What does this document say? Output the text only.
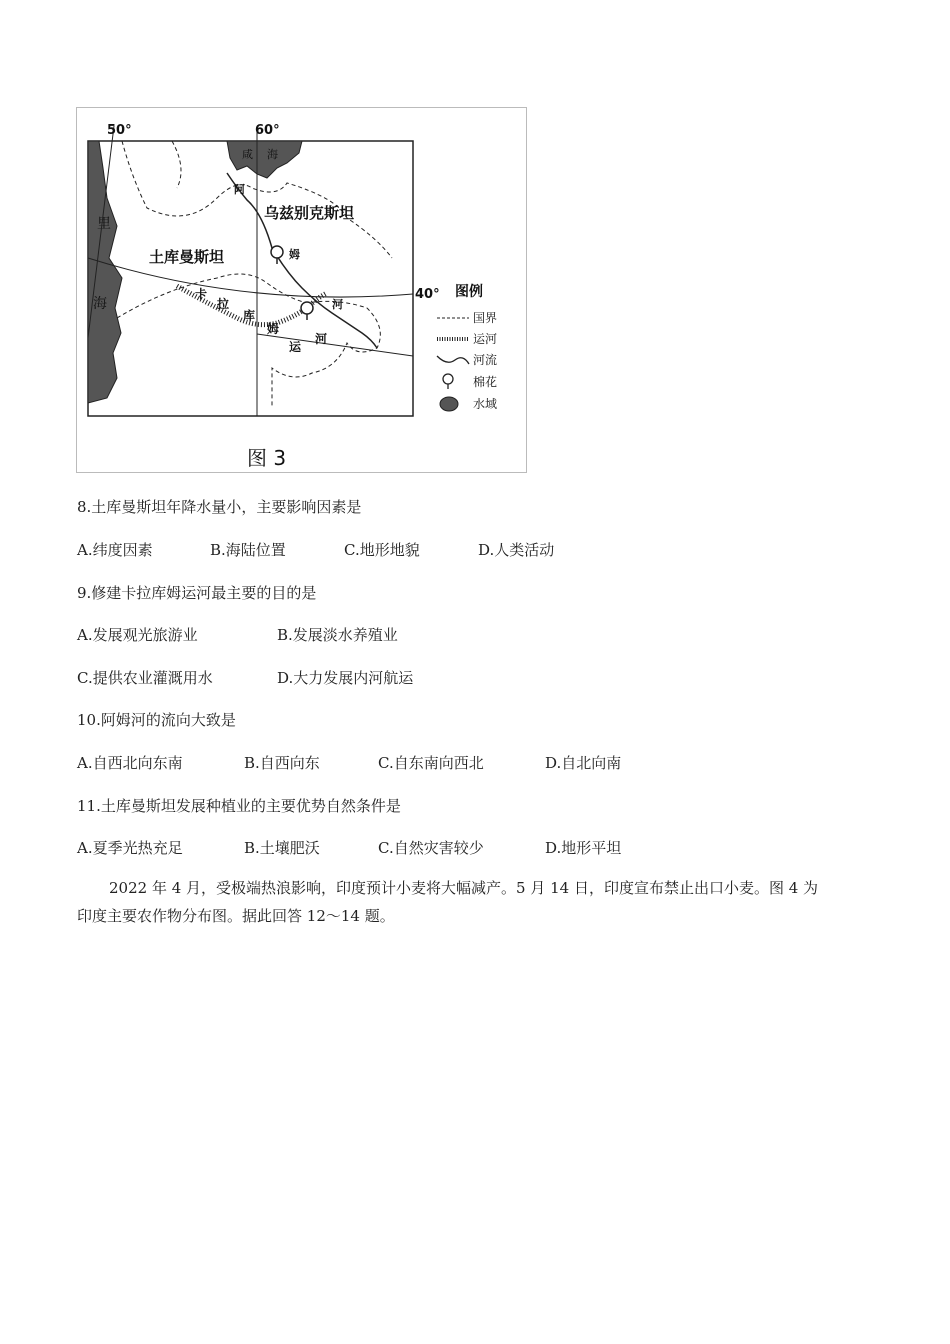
里
海
咸 海
50°	60°
40°
乌兹别克斯坦
土库曼斯坦
阿
姆
河
卡
拉
库
姆
运
河
图例
国界
运河
河流
棉花
水域
图 3
8.土库曼斯坦年降水量小，主要影响因素是
A.纬度因素	B.海陆位置	C.地形地貌	D.人类活动
9.修建卡拉库姆运河最主要的目的是
A.发展观光旅游业	B.发展淡水养殖业
C.提供农业灌溉用水	D.大力发展内河航运
10.阿姆河的流向大致是
A.自西北向东南	B.自西向东	C.自东南向西北	D.自北向南
11.土库曼斯坦发展种植业的主要优势自然条件是
A.夏季光热充足	B.土壤肥沃	C.自然灾害较少	D.地形平坦
2022 年 4 月，受极端热浪影响，印度预计小麦将大幅减产。5 月 14 日，印度宣布禁止出口小麦。图 4 为
印度主要农作物分布图。据此回答 12～14 题。
